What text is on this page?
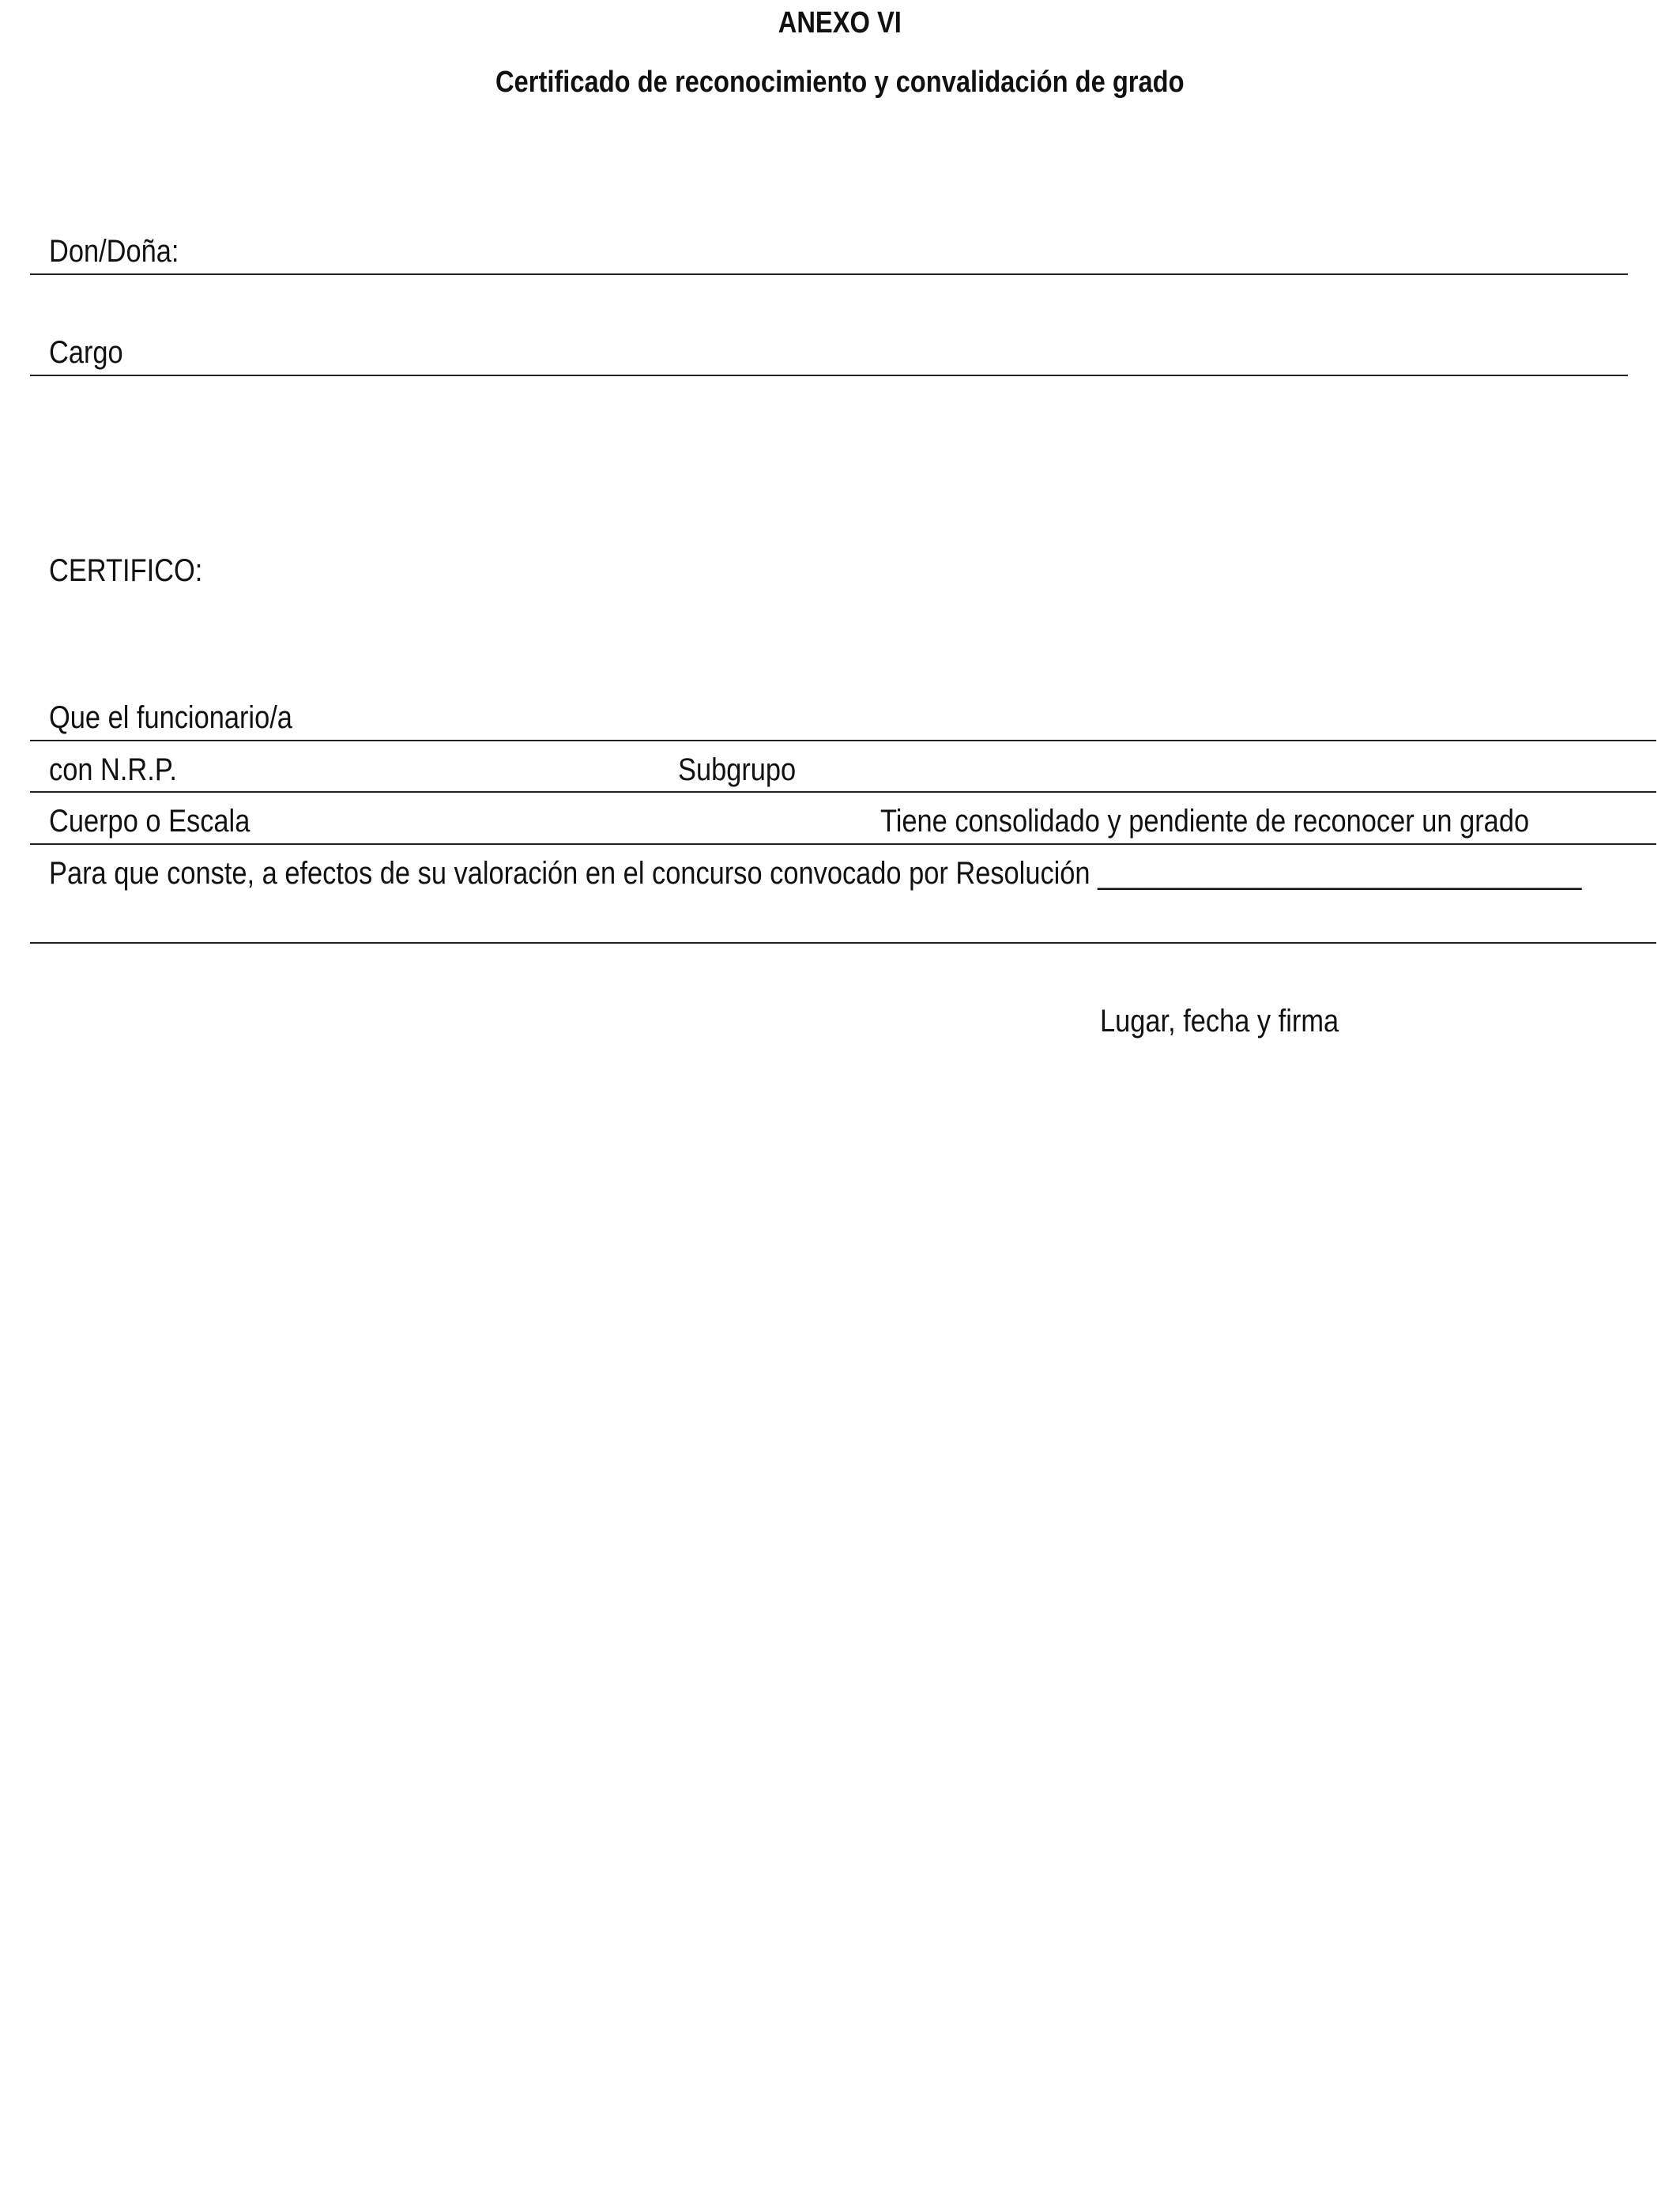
ANEXO VI
Certificado de reconocimiento y convalidación de grado
Don/Doña:
Cargo
CERTIFICO:
Que el funcionario/a
con N.R.P.	Subgrupo
Cuerpo o Escala	Tiene consolidado y pendiente de reconocer un grado
Para que conste, a efectos de su valoración en el concurso convocado por Resolución ________________________________
Lugar, fecha y firma
